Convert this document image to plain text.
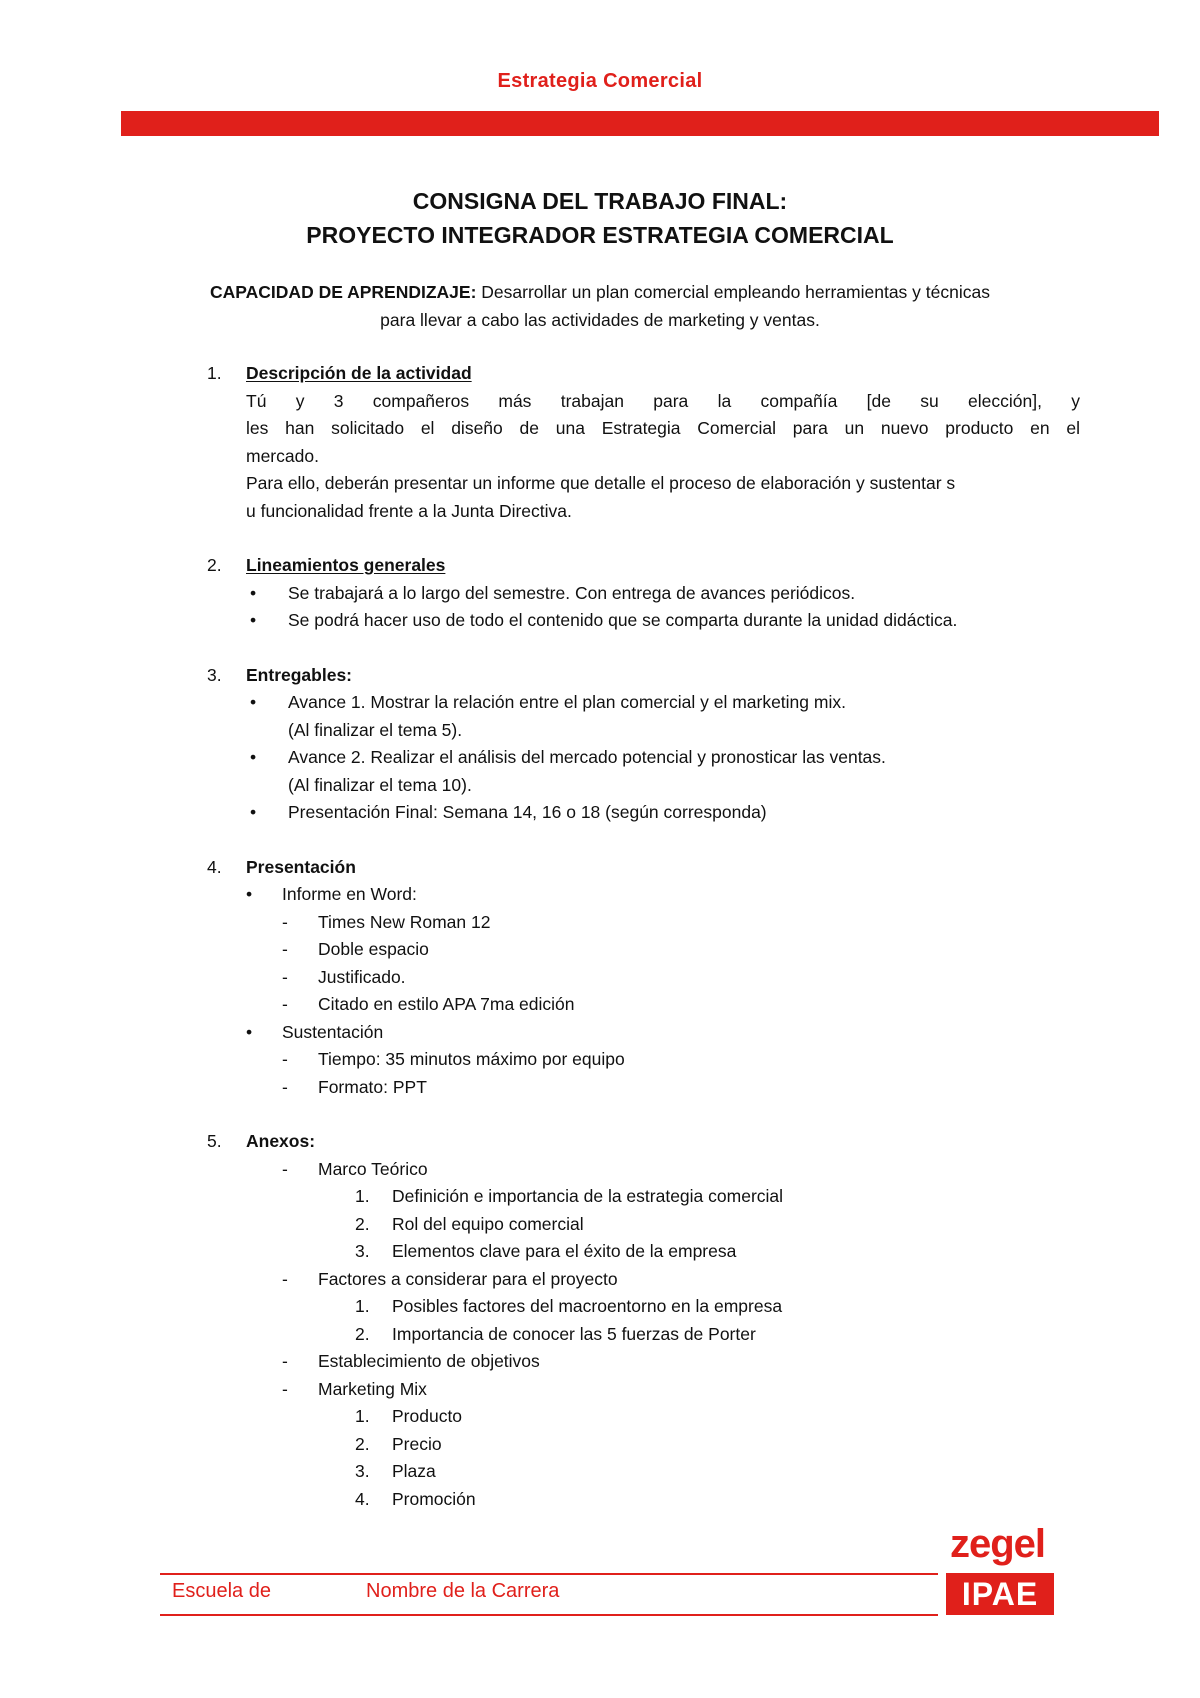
Estrategia Comercial
CONSIGNA DEL TRABAJO FINAL:
PROYECTO INTEGRADOR ESTRATEGIA COMERCIAL
CAPACIDAD DE APRENDIZAJE: Desarrollar un plan comercial empleando herramientas y técnicas
para llevar a cabo las actividades de marketing y ventas.
1.	Descripción de la actividad
Tú y 3 compañeros más trabajan para la compañía [de su elección], y
les han solicitado el diseño de una Estrategia Comercial para un nuevo producto en el
mercado.
Para ello, deberán presentar un informe que detalle el proceso de elaboración y sustentar s
u funcionalidad frente a la Junta Directiva.
2.	Lineamientos generales
• Se trabajará a lo largo del semestre. Con entrega de avances periódicos.
• Se podrá hacer uso de todo el contenido que se comparta durante la unidad didáctica.
3.	Entregables:
• Avance 1. Mostrar la relación entre el plan comercial y el marketing mix.
(Al finalizar el tema 5).
• Avance 2. Realizar el análisis del mercado potencial y pronosticar las ventas.
(Al finalizar el tema 10).
• Presentación Final: Semana 14, 16 o 18 (según corresponda)
4.	Presentación
• Informe en Word:
- Times New Roman 12
- Doble espacio
- Justificado.
- Citado en estilo APA 7ma edición
• Sustentación
- Tiempo: 35 minutos máximo por equipo
- Formato: PPT
5.	Anexos:
- Marco Teórico
1. Definición e importancia de la estrategia comercial
2. Rol del equipo comercial
3. Elementos clave para el éxito de la empresa
- Factores a considerar para el proyecto
1. Posibles factores del macroentorno en la empresa
2. Importancia de conocer las 5 fuerzas de Porter
- Establecimiento de objetivos
- Marketing Mix
1. Producto
2. Precio
3. Plaza
4. Promoción
Escuela de	Nombre de la Carrera
zegel
IPAE
